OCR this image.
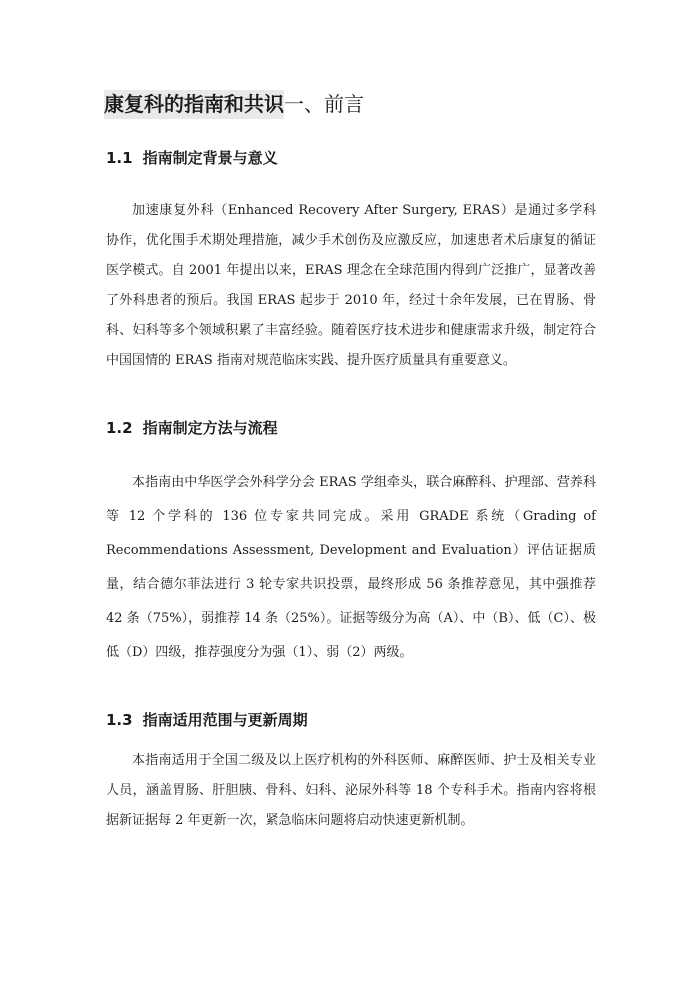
康复科的指南和共识一、前言
1.1 指南制定背景与意义

加速康复外科（Enhanced Recovery After Surgery, ERAS）是通过多学科协作，优化围手术期处理措施，减少手术创伤及应激反应，加速患者术后康复的循证医学模式。自 2001 年提出以来，ERAS 理念在全球范围内得到广泛推广，显著改善了外科患者的预后。我国 ERAS 起步于 2010 年，经过十余年发展，已在胃肠、骨科、妇科等多个领域积累了丰富经验。随着医疗技术进步和健康需求升级，制定符合中国国情的 ERAS 指南对规范临床实践、提升医疗质量具有重要意义。

1.2 指南制定方法与流程

本指南由中华医学会外科学分会 ERAS 学组牵头，联合麻醉科、护理部、营养科等 12 个学科的 136 位专家共同完成。采用 GRADE 系统（Grading of Recommendations Assessment, Development and Evaluation）评估证据质量，结合德尔菲法进行 3 轮专家共识投票，最终形成 56 条推荐意见，其中强推荐 42 条（75%），弱推荐 14 条（25%）。证据等级分为高（A）、中（B）、低（C）、极低（D）四级，推荐强度分为强（1）、弱（2）两级。

1.3 指南适用范围与更新周期

本指南适用于全国二级及以上医疗机构的外科医师、麻醉医师、护士及相关专业人员，涵盖胃肠、肝胆胰、骨科、妇科、泌尿外科等 18 个专科手术。指南内容将根据新证据每 2 年更新一次，紧急临床问题将启动快速更新机制。
